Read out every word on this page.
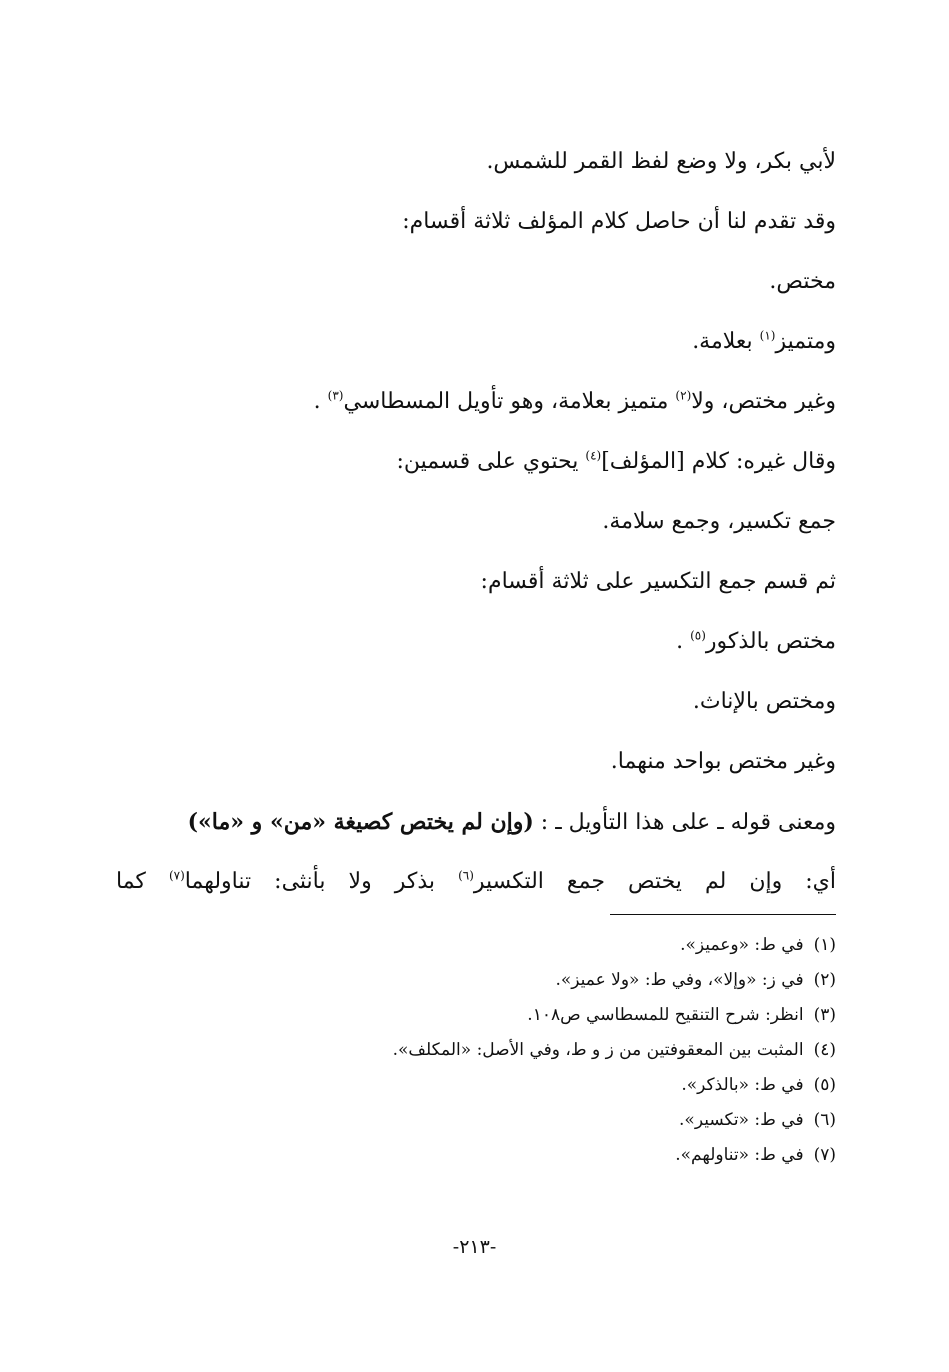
لأبي بكر، ولا وضع لفظ القمر للشمس.
وقد تقدم لنا أن حاصل كلام المؤلف ثلاثة أقسام:
مختص.
ومتميز$^{(١)}$ بعلامة.
وغير مختص، ولا$^{(٢)}$ متميز بعلامة، وهو تأويل المسطاسي$^{(٣)}$ .
وقال غيره: كلام [المؤلف]$^{(٤)}$ يحتوي على قسمين:
جمع تكسير، وجمع سلامة.
ثم قسم جمع التكسير على ثلاثة أقسام:
مختص بالذكور$^{(٥)}$ .
ومختص بالإناث.
وغير مختص بواحد منهما.
ومعنى قوله ـ على هذا التأويل ـ : (وإن لم يختص كصيغة «من» و «ما»)
أي: وإن لم يختص جمع التكسير$^{(٦)}$ بذكر ولا بأنثى: تناولهما$^{(٧)}$ كما
(١)في ط: «وعميز».
(٢)في ز: «وإلا»، وفي ط: «ولا عميز».
(٣)انظر: شرح التنقيح للمسطاسي ص١٠٨.
(٤)المثبت بين المعقوفتين من ز و ط، وفي الأصل: «المكلف».
(٥)في ط: «بالذكر».
(٦)في ط: «تكسير».
(٧)في ط: «تناولهم».
-٢١٣-
